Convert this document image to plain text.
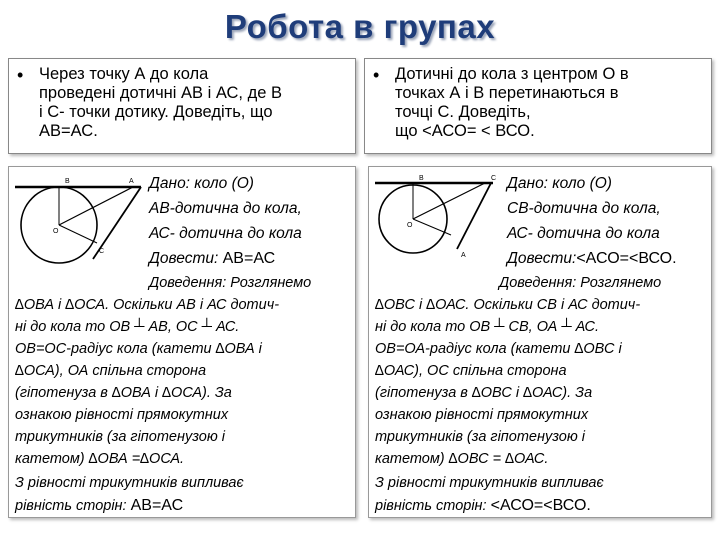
Робота в групах
• Через точку А до кола
проведені дотичні АВ і АС, де В
і С- точки дотику. Доведіть, що
АВ=АС.
• Дотичні до кола з центром О в
точках А і В перетинаються в
точці С. Доведіть,
що <АСО= < ВСО.
B	A
C
O
Дано: коло (О)
АВ-дотична до кола,
АС- дотична до кола
Довести: АВ=АС
Доведення: Розглянемо
∆ОВА і ∆ОСА. Оскільки АВ і АС дотич-
ні до кола то ОВ ┴ АВ, ОС ┴ АС.
ОВ=ОС-радіус кола (катети ∆ОВА і
∆ОСА), ОА спільна сторона
(гіпотенуза в ∆ОВА і ∆ОСА). За
ознакою рівності прямокутних
трикутників (за гіпотенузою і
катетом) ∆ОВА =∆ОСА.
З рівності трикутників випливає
рівність сторін: АВ=АС
B	C
A
O
Дано: коло (О)
СВ-дотична до кола,
АС- дотична до кола
Довести:<АСО=<ВСО.
Доведення: Розглянемо
∆ОВС і ∆ОАС. Оскільки СВ і АС дотич-
ні до кола то ОВ ┴ СВ, ОА ┴ АС.
ОВ=ОА-радіус кола (катети ∆ОВС і
∆ОАС), ОС спільна сторона
(гіпотенуза в ∆ОВС і ∆ОАС). За
ознакою рівності прямокутних
трикутників (за гіпотенузою і
катетом) ∆ОВС = ∆ОАС.
З рівності трикутників випливає
рівність сторін: <АСО=<ВСО.
